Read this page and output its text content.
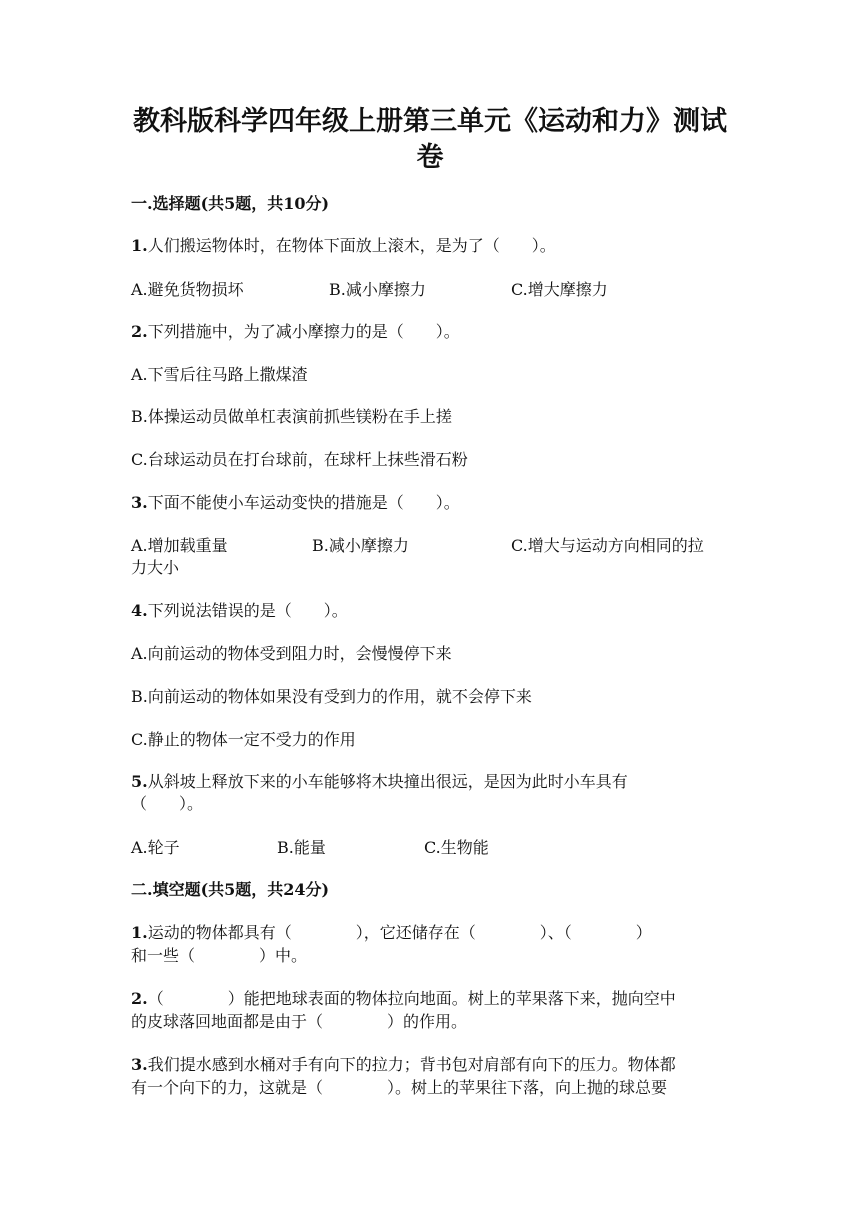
教科版科学四年级上册第三单元《运动和力》测试
卷
一.选择题(共5题，共10分)
1.人们搬运物体时，在物体下面放上滚木，是为了（　　）。
A.避免货物损坏	B.减小摩擦力	C.增大摩擦力
2.下列措施中，为了减小摩擦力的是（　　）。
A.下雪后往马路上撒煤渣
B.体操运动员做单杠表演前抓些镁粉在手上搓
C.台球运动员在打台球前，在球杆上抹些滑石粉
3.下面不能使小车运动变快的措施是（　　）。
A.增加载重量	B.减小摩擦力	C.增大与运动方向相同的拉
力大小
4.下列说法错误的是（　　）。
A.向前运动的物体受到阻力时，会慢慢停下来
B.向前运动的物体如果没有受到力的作用，就不会停下来
C.静止的物体一定不受力的作用
5.从斜坡上释放下来的小车能够将木块撞出很远，是因为此时小车具有
（　　）。
A.轮子	B.能量	C.生物能
二.填空题(共5题，共24分)
1.运动的物体都具有（　　　　），它还储存在（　　　　）、（　　　　）
和一些（　　　　）中。
2.（　　　　）能把地球表面的物体拉向地面。树上的苹果落下来，抛向空中
的皮球落回地面都是由于（　　　　）的作用。
3.我们提水感到水桶对手有向下的拉力；背书包对肩部有向下的压力。物体都
有一个向下的力，这就是（　　　　）。树上的苹果往下落，向上抛的球总要
